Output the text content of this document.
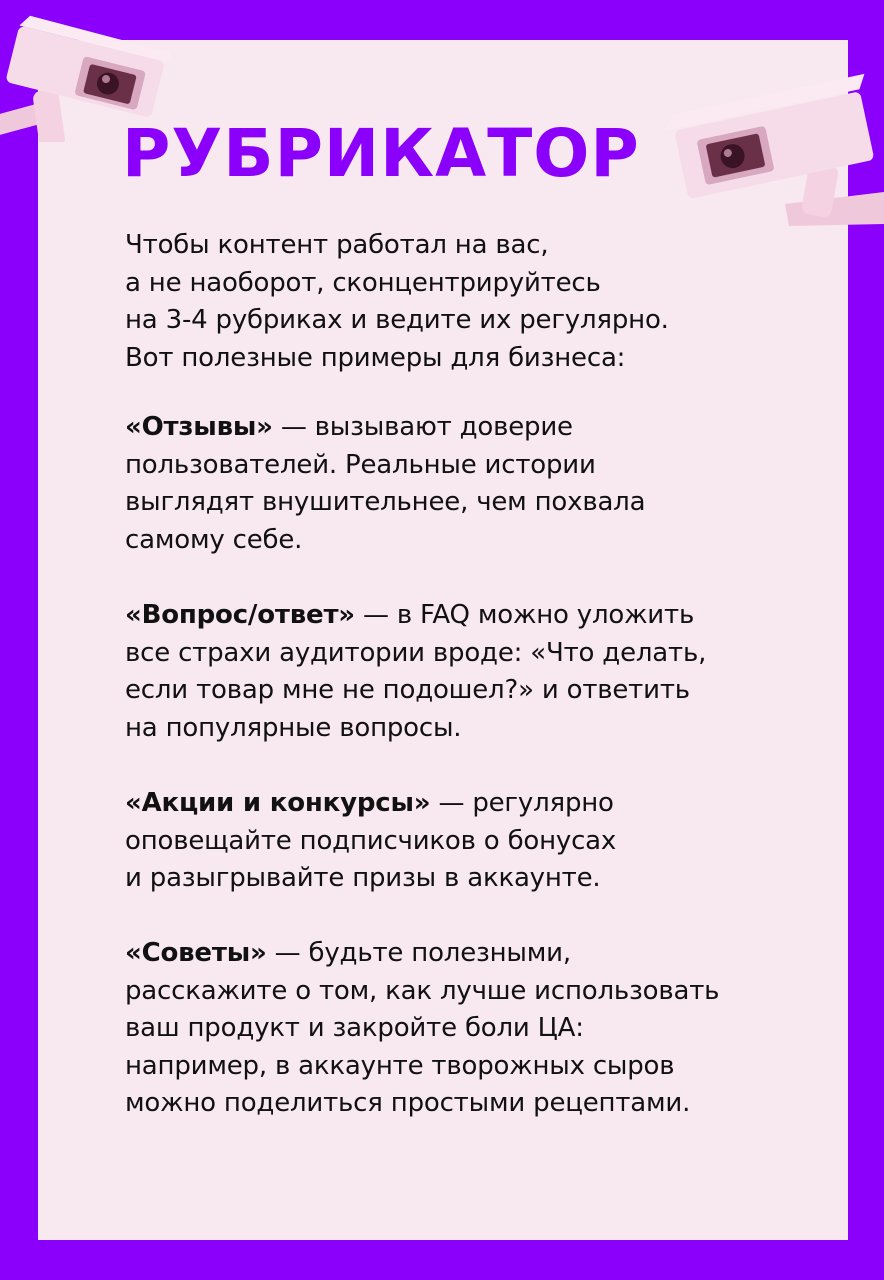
РУБРИКАТОР
Чтобы контент работал на вас,
а не наоборот, сконцентрируйтесь
на 3-4 рубриках и ведите их регулярно.
Вот полезные примеры для бизнеса:
«Отзывы» — вызывают доверие
пользователей. Реальные истории
выглядят внушительнее, чем похвала
самому себе.
«Вопрос/ответ» — в FAQ можно уложить
все страхи аудитории вроде: «Что делать,
если товар мне не подошел?» и ответить
на популярные вопросы.
«Акции и конкурсы» — регулярно
оповещайте подписчиков о бонусах
и разыгрывайте призы в аккаунте.
«Советы» — будьте полезными,
расскажите о том, как лучше использовать
ваш продукт и закройте боли ЦА:
например, в аккаунте творожных сыров
можно поделиться простыми рецептами.
